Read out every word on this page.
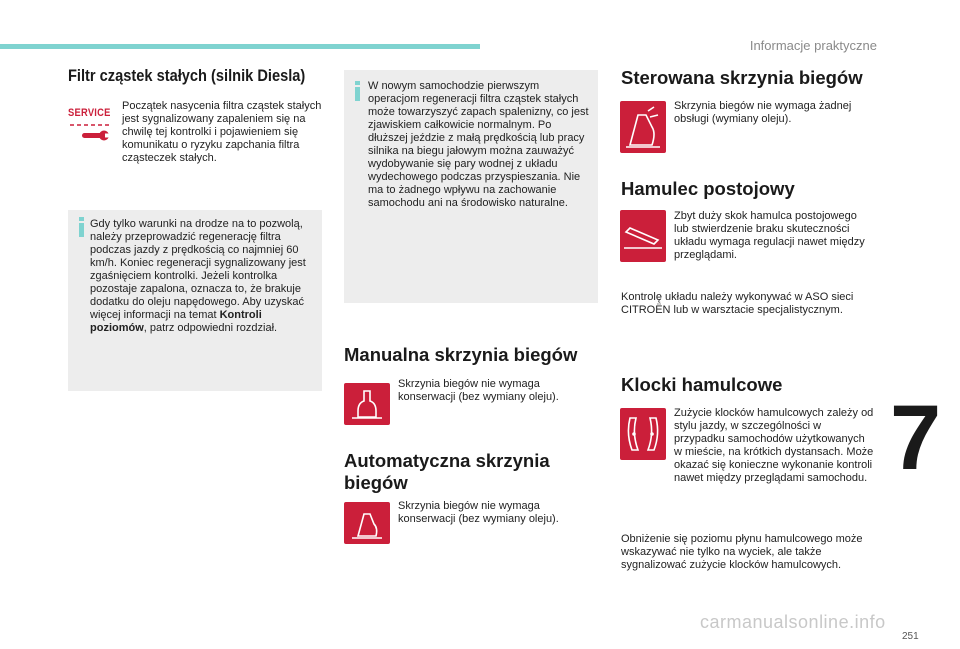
Informacje praktyczne
7
251
carmanualsonline.info
Filtr cząstek stałych (silnik Diesla)
SERVICE

Początek nasycenia filtra cząstek stałych jest sygnalizowany zapaleniem się na chwilę tej kontrolki i pojawieniem się komunikatu o ryzyku zapchania filtra cząsteczek stałych.

Gdy tylko warunki na drodze na to pozwolą, należy przeprowadzić regenerację filtra podczas jazdy z prędkością co najmniej 60 km/h. Koniec regeneracji sygnalizowany jest zgaśnięciem kontrolki. Jeżeli kontrolka pozostaje zapalona, oznacza to, że brakuje dodatku do oleju napędowego. Aby uzyskać więcej informacji na temat Kontroli poziomów, patrz odpowiedni rozdział.

W nowym samochodzie pierwszym operacjom regeneracji filtra cząstek stałych może towarzyszyć zapach spalenizny, co jest zjawiskiem całkowicie normalnym. Po dłuższej jeździe z małą prędkością lub pracy silnika na biegu jałowym można zauważyć wydobywanie się pary wodnej z układu wydechowego podczas przyspieszania. Nie ma to żadnego wpływu na zachowanie samochodu ani na środowisko naturalne.

Manualna skrzynia biegów

Skrzynia biegów nie wymaga konserwacji (bez wymiany oleju).

Automatyczna skrzynia biegów

Skrzynia biegów nie wymaga konserwacji (bez wymiany oleju).

Sterowana skrzynia biegów

Skrzynia biegów nie wymaga żadnej obsługi (wymiany oleju).

Hamulec postojowy

Zbyt duży skok hamulca postojowego lub stwierdzenie braku skuteczności układu wymaga regulacji nawet między przeglądami.

Kontrolę układu należy wykonywać w ASO sieci CITROËN lub w warsztacie specjalistycznym.

Klocki hamulcowe

Zużycie klocków hamulcowych zależy od stylu jazdy, w szczególności w przypadku samochodów użytkowanych w mieście, na krótkich dystansach. Może okazać się konieczne wykonanie kontroli nawet między przeglądami samochodu.

Obniżenie się poziomu płynu hamulcowego może wskazywać nie tylko na wyciek, ale także sygnalizować zużycie klocków hamulcowych.
